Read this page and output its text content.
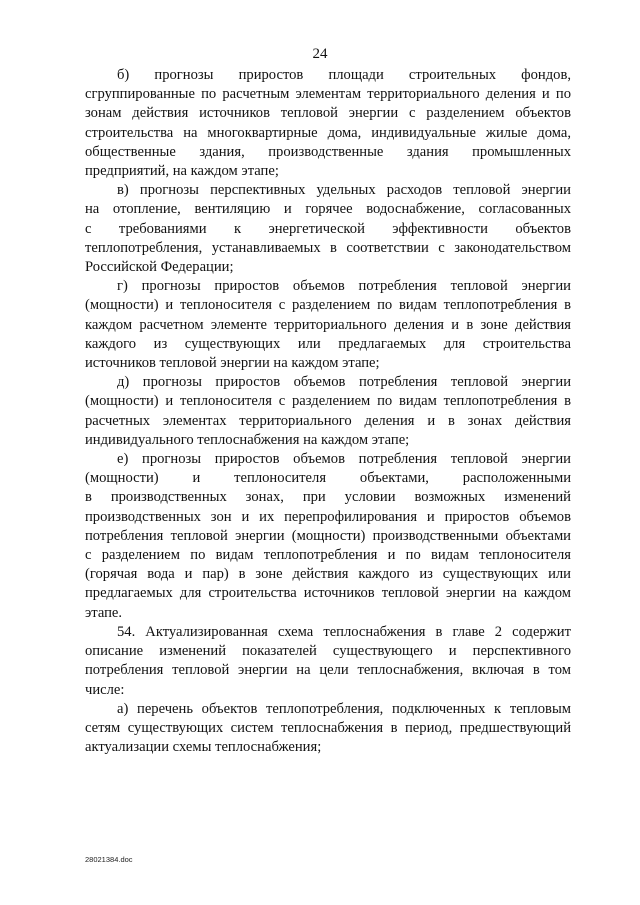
24

б) прогнозы приростов площади строительных фондов,
сгруппированные по расчетным элементам территориального деления и по
зонам действия источников тепловой энергии с разделением объектов
строительства на многоквартирные дома, индивидуальные жилые дома,
общественные здания, производственные здания промышленных
предприятий, на каждом этапе;

в) прогнозы перспективных удельных расходов тепловой энергии
на отопление, вентиляцию и горячее водоснабжение, согласованных
с требованиями к энергетической эффективности объектов
теплопотребления, устанавливаемых в соответствии с законодательством
Российской Федерации;

г) прогнозы приростов объемов потребления тепловой энергии
(мощности) и теплоносителя с разделением по видам теплопотребления в
каждом расчетном элементе территориального деления и в зоне действия
каждого из существующих или предлагаемых для строительства
источников тепловой энергии на каждом этапе;

д) прогнозы приростов объемов потребления тепловой энергии
(мощности) и теплоносителя с разделением по видам теплопотребления в
расчетных элементах территориального деления и в зонах действия
индивидуального теплоснабжения на каждом этапе;

е) прогнозы приростов объемов потребления тепловой энергии
(мощности) и теплоносителя объектами, расположенными
в производственных зонах, при условии возможных изменений
производственных зон и их перепрофилирования и приростов объемов
потребления тепловой энергии (мощности) производственными объектами
с разделением по видам теплопотребления и по видам теплоносителя
(горячая вода и пар) в зоне действия каждого из существующих или
предлагаемых для строительства источников тепловой энергии на каждом
этапе.

54. Актуализированная схема теплоснабжения в главе 2 содержит
описание изменений показателей существующего и перспективного
потребления тепловой энергии на цели теплоснабжения, включая в том
числе:

а) перечень объектов теплопотребления, подключенных к тепловым
сетям существующих систем теплоснабжения в период, предшествующий
актуализации схемы теплоснабжения;

28021384.doc
